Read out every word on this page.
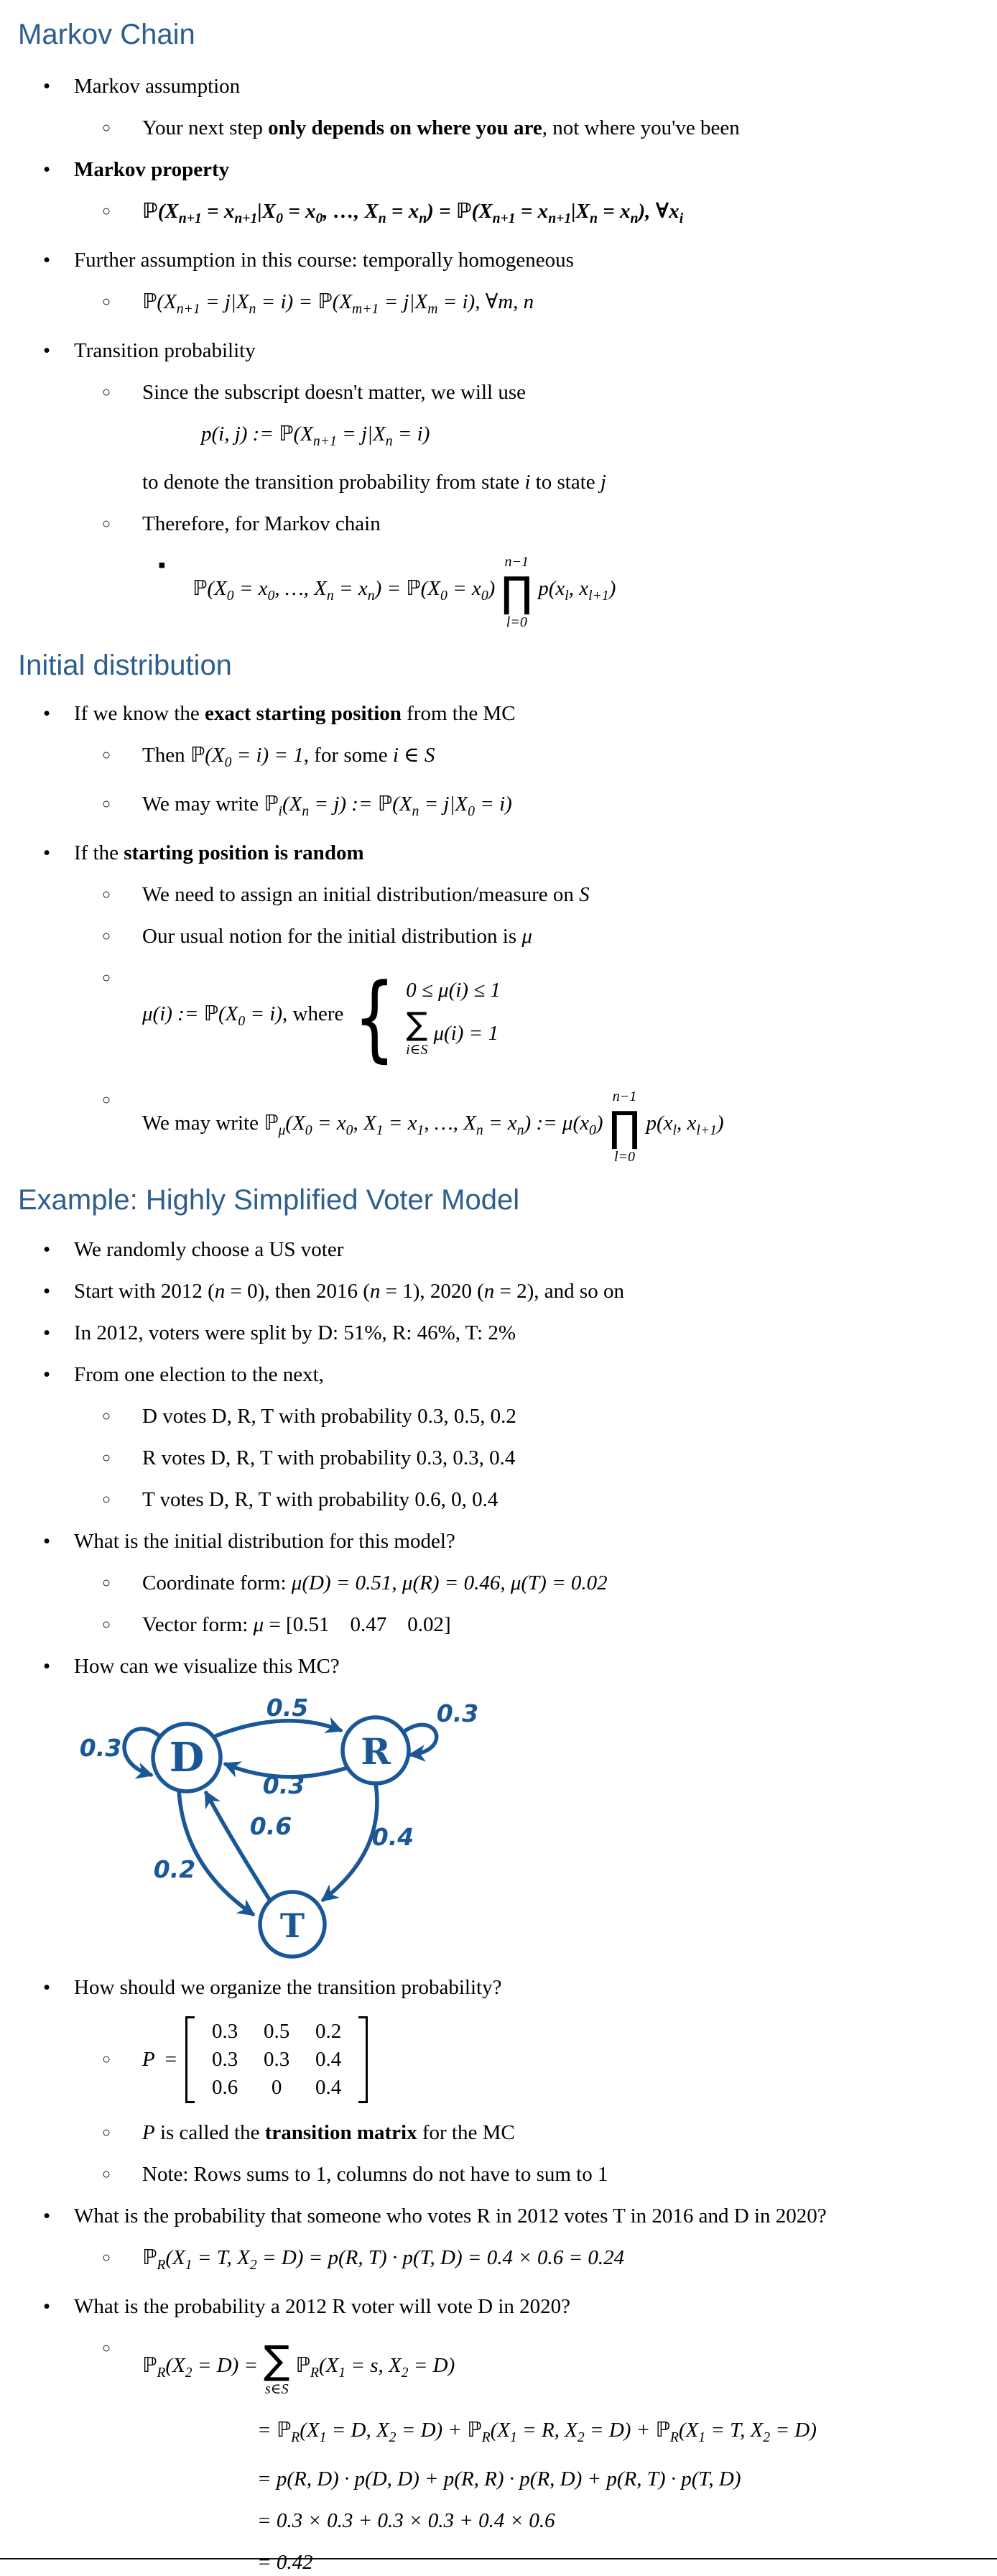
Markov Chain
• Markov assumption
○ Your next step only depends on where you are, not where you've been
• Markov property
○ $ℙ(X_{n+1} = x_{n+1}|X_0 = x_0$, …, $X_n = x_n$) = $ℙ(X_{n+1} = x_{n+1}|X_n = x_n)$, $\forall x_i$
• Further assumption in this course: temporally homogeneous
○ $ℙ(X_{n+1} = j|X_n = i)$ = $ℙ(X_{m+1} = j|X_m = i)$, ∀m, n
• Transition probability
○ Since the subscript doesn't matter, we will use
p(i, j) := $ℙ(X_{n+1} = j|X_n = i)$
to denote the transition probability from state i to state j
○ Therefore, for Markov chain
▪
$ℙ(X_0 = x_0$, …, $X_n = x_n$) = $ℙ(X_0 = x_0)$
n−1
∏
l=0
$p(x_l$, $x_{l+1}$)
Initial distribution
• If we know the exact starting position from the MC
○ Then $ℙ(X_0 = i) = 1$, for some i ∈ S
○ We may write $ℙ_i(X_n = j)$ := $ℙ(X_n = j|X_0 = i)$
• If the starting position is random
○ We need to assign an initial distribution/measure on S
○ Our usual notion for the initial distribution is μ
○
μ(i) := $ℙ(X_0 = i)$, where { 0 ≤ μ(i) ≤ 1
∑
i∈S
μ(i) = 1
○
We may write $ℙ_\mu(X_0 = x_0$, $X_1 = x_1$, …, $X_n = x_n$) := $\mu(x_0)$
n−1
∏
l=0
$p(x_l$, $x_{l+1}$)
Example: Highly Simplified Voter Model
• We randomly choose a US voter
• Start with 2012 (n = 0), then 2016 (n = 1), 2020 (n = 2), and so on
• In 2012, voters were split by D: 51%, R: 46%, T: 2%
• From one election to the next,
○ D votes D, R, T with probability 0.3, 0.5, 0.2
○ R votes D, R, T with probability 0.3, 0.3, 0.4
○ T votes D, R, T with probability 0.6, 0, 0.4
• What is the initial distribution for this model?
○ Coordinate form: μ(D) = 0.51, μ(R) = 0.46, μ(T) = 0.02
○ Vector form: μ = [0.51 0.47 0.02]
• How can we visualize this MC?
D	R
T
0.3
0.5
0.3
0.3
0.2
0.6	0.4
• How should we organize the transition probability?
○ P =
0.3	0.5	0.2
0.3	0.3	0.4
0.6	0	0.4
○ P is called the transition matrix for the MC
○ Note: Rows sums to 1, columns do not have to sum to 1
• What is the probability that someone who votes R in 2012 votes T in 2016 and D in 2020?
○ $ℙ_R(X_1 = T$, $X_2 = D) = p(R$, T) · p(T, D) = 0.4 × 0.6 = 0.24
• What is the probability a 2012 R voter will vote D in 2020?
○
$ℙ_R(X_2 = D)$ = ∑
s∈S
$ℙ_R(X_1 = s$, $X_2 = D$)
= $ℙ_R(X_1 = D$, $X_2 = D$) + $ℙ_R(X_1 = R$, $X_2 = D$) + $ℙ_R(X_1 = T$, $X_2 = D$)
= p(R, D) · p(D, D) + p(R, R) · p(R, D) + p(R, T) · p(T, D)
= 0.3 × 0.3 + 0.3 × 0.3 + 0.4 × 0.6
= 0.42
